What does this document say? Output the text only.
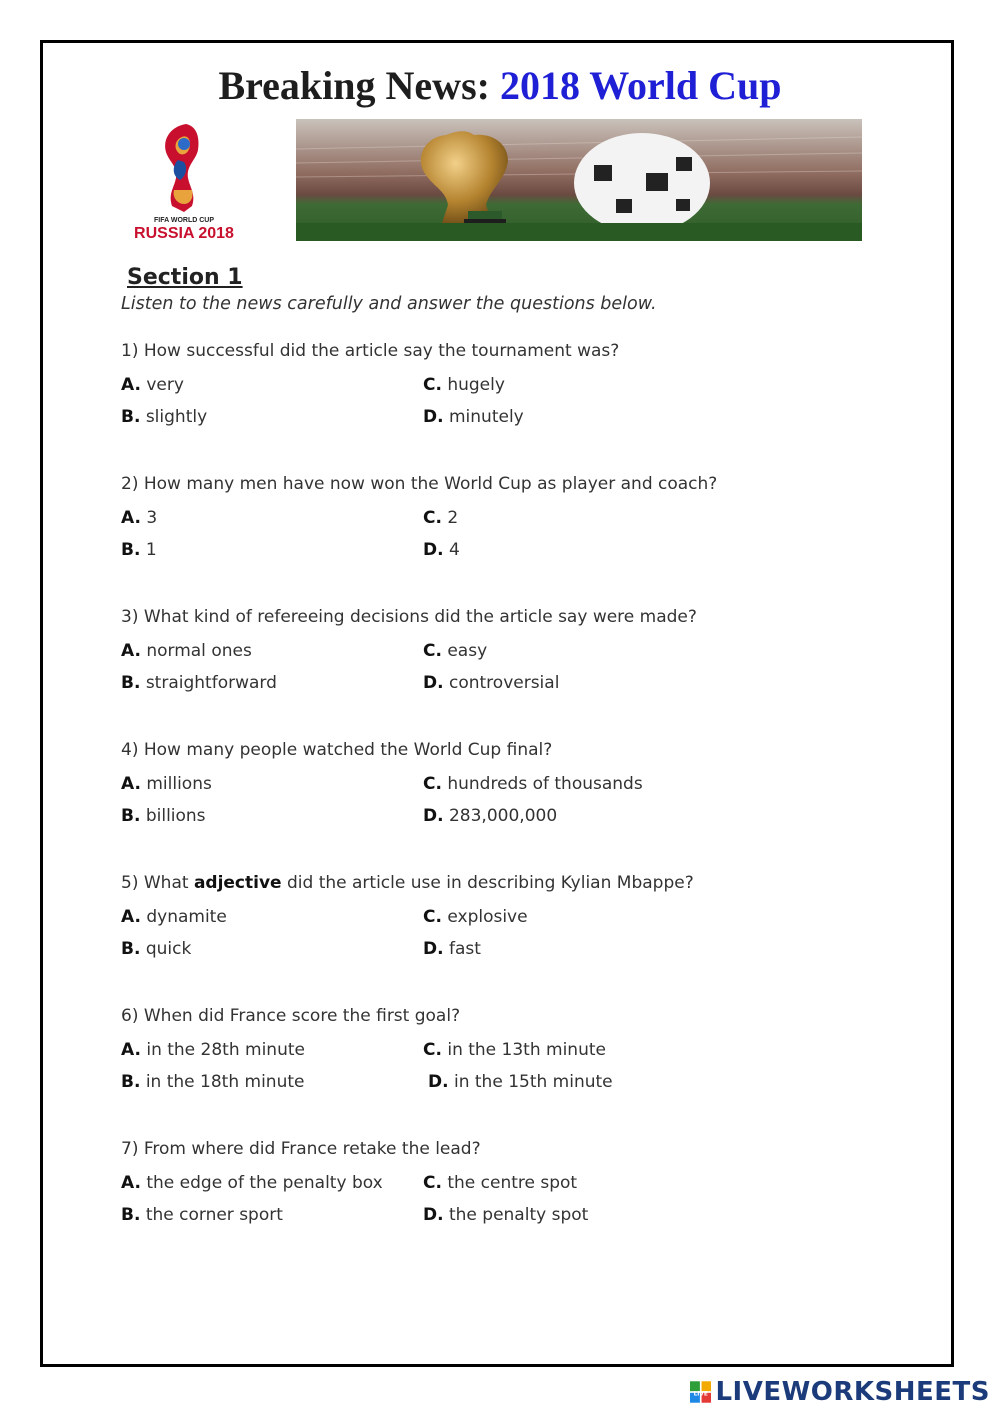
Breaking News: 2018 World Cup
FIFA WORLD CUP
RUSSIA 2018
Section 1
Listen to the news carefully and answer the questions below.
1) How successful did the article say the tournament was?
A. very	C. hugely
B. slightly	D. minutely
2) How many men have now won the World Cup as player and coach?
A. 3	C. 2
B. 1	D. 4
3) What kind of refereeing decisions did the article say were made?
A. normal ones	C. easy
B. straightforward	D. controversial
4) How many people watched the World Cup final?
A. millions	C. hundreds of thousands
B. billions	D. 283,000,000
5) What adjective did the article use in describing Kylian Mbappe?
A. dynamite	C. explosive
B. quick	D. fast
6) When did France score the first goal?
A. in the 28th minute	C. in the 13th minute
B. in the 18th minute	D. in the 15th minute
7) From where did France retake the lead?
A. the edge of the penalty box C. the centre spot
B. the corner sport	D. the penalty spot
LIVE LIVEWORKSHEETS
